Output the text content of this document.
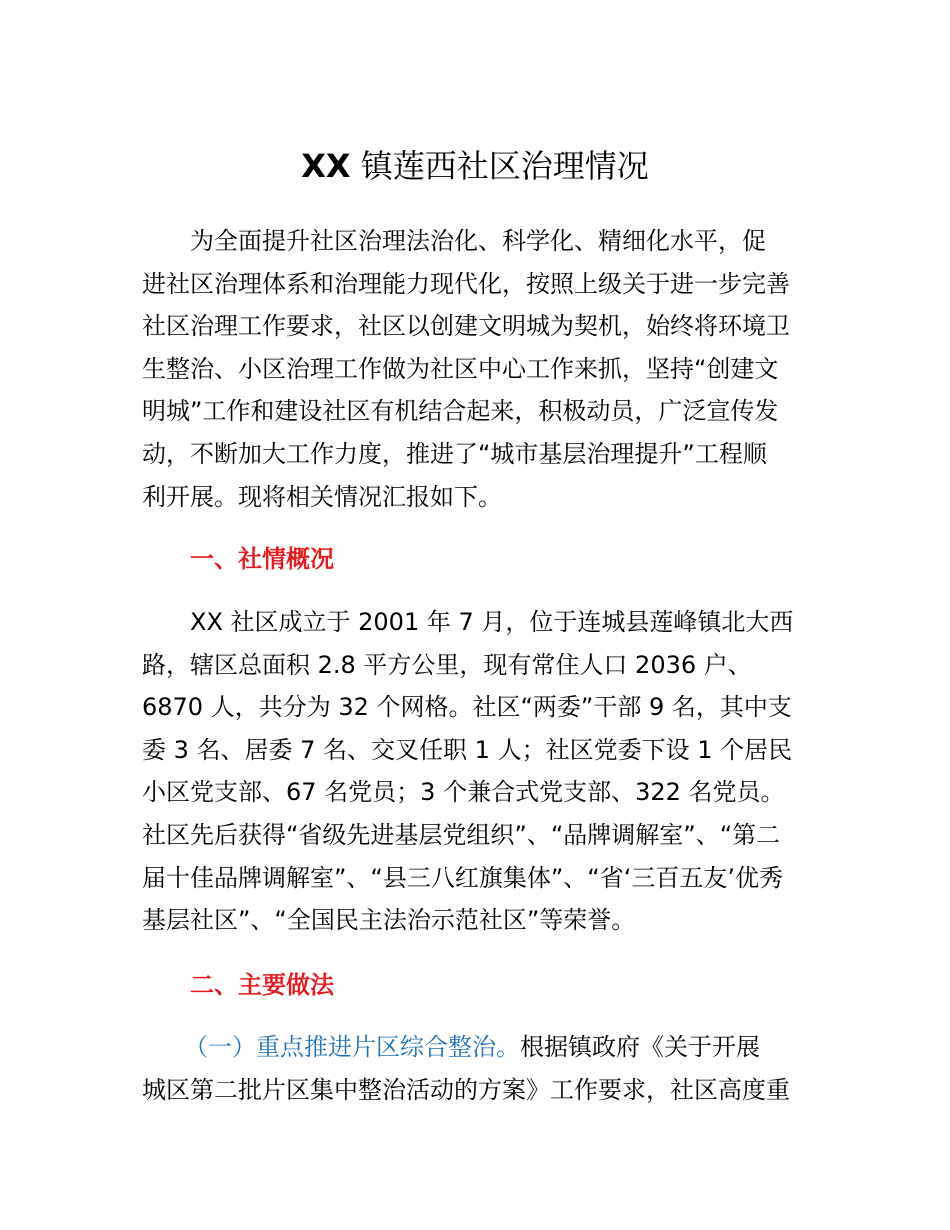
XX 镇莲西社区治理情况
为全面提升社区治理法治化、科学化、精细化水平，促
进社区治理体系和治理能力现代化，按照上级关于进一步完善
社区治理工作要求，社区以创建文明城为契机，始终将环境卫
生整治、小区治理工作做为社区中心工作来抓，坚持“创建文
明城”工作和建设社区有机结合起来，积极动员，广泛宣传发
动，不断加大工作力度，推进了“城市基层治理提升”工程顺
利开展。现将相关情况汇报如下。
一、社情概况
XX 社区成立于 2001 年 7 月，位于连城县莲峰镇北大西
路，辖区总面积 2.8 平方公里，现有常住人口 2036 户、
6870 人，共分为 32 个网格。社区“两委”干部 9 名，其中支
委 3 名、居委 7 名、交叉任职 1 人；社区党委下设 1 个居民
小区党支部、67 名党员；3 个兼合式党支部、322 名党员。
社区先后获得“省级先进基层党组织”、“品牌调解室”、“第二
届十佳品牌调解室”、“县三八红旗集体”、“省‘三百五友’优秀
基层社区”、“全国民主法治示范社区”等荣誉。
二、主要做法
（一）重点推进片区综合整治。根据镇政府《关于开展
城区第二批片区集中整治活动的方案》工作要求，社区高度重
